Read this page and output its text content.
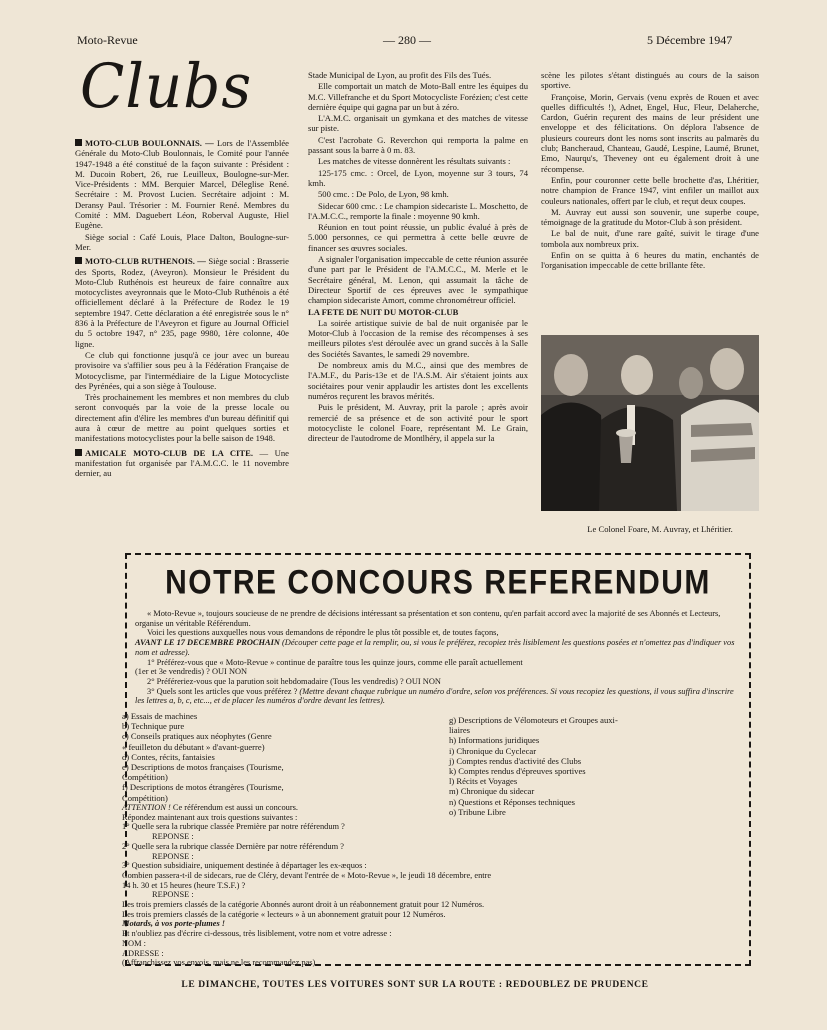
Moto-Revue	— 280 —	5 Décembre 1947
Clubs

MOTO-CLUB BOULONNAIS. — Lors de l'Assemblée Générale du Moto-Club Boulonnais, le Comité pour l'année 1947-1948 a été constitué de la façon suivante : Président : M. Ducoin Robert, 26, rue Leuilleux, Boulogne-sur-Mer. Vice-Présidents : MM. Berquier Marcel, Déleglise René. Secrétaire : M. Provost Lucien. Secrétaire adjoint : M. Deransy Paul. Trésorier : M. Fournier René. Membres du Comité : MM. Daguebert Léon, Roberval Auguste, Hiel Eugène.

Siège social : Café Louis, Place Dalton, Boulogne-sur-Mer.

MOTO-CLUB RUTHENOIS. — Siège social : Brasserie des Sports, Rodez, (Aveyron). Monsieur le Président du Moto-Club Ruthénois est heureux de faire connaître aux motocyclistes aveyronnais que le Moto-Club Ruthénois a été officiellement déclaré à la Préfecture de Rodez le 19 septembre 1947. Cette déclaration a été enregistrée sous le n° 836 à la Préfecture de l'Aveyron et figure au Journal Officiel du 5 octobre 1947, n° 235, page 9980, 1ère colonne, 40e ligne.

Ce club qui fonctionne jusqu'à ce jour avec un bureau provisoire va s'affilier sous peu à la Fédération Française de Motocyclisme, par l'intermédiaire de la Ligue Motocycliste des Pyrénées, qui a son siège à Toulouse.

Très prochainement les membres et non membres du club seront convoqués par la voie de la presse locale ou directement afin d'élire les membres d'un bureau définitif qui aura à cœur de mettre au point quelques sorties et manifestations motocyclistes pour la belle saison de 1948.

AMICALE MOTO-CLUB DE LA CITE. — Une manifestation fut organisée par l'A.M.C.C. le 11 novembre dernier, au

Stade Municipal de Lyon, au profit des Fils des Tués.

Elle comportait un match de Moto-Ball entre les équipes du M.C. Villefranche et du Sport Motocycliste Forézien; c'est cette dernière équipe qui gagna par un but à zéro.

L'A.M.C. organisait un gymkana et des matches de vitesse sur piste.

C'est l'acrobate G. Reverchon qui remporta la palme en passant sous la barre à 0 m. 83.

Les matches de vitesse donnèrent les résultats suivants :

125-175 cmc. : Orcel, de Lyon, moyenne sur 3 tours, 74 kmh.

500 cmc. : De Polo, de Lyon, 98 kmh.

Sidecar 600 cmc. : Le champion sidecariste L. Moschetto, de l'A.M.C.C., remporte la finale : moyenne 90 kmh.

Réunion en tout point réussie, un public évalué à près de 5.000 personnes, ce qui permettra à cette belle œuvre de financer ses œuvres sociales.

A signaler l'organisation impeccable de cette réunion assurée d'une part par le Président de l'A.M.C.C., M. Merle et le Secrétaire général, M. Lenon, qui assumait la tâche de Directeur Sportif de ces épreuves avec le sympathique champion sidecariste Amort, comme chronométreur officiel.

LA FETE DE NUIT DU MOTOR-CLUB

La soirée artistique suivie de bal de nuit organisée par le Motor-Club à l'occasion de la remise des récompenses à ses meilleurs pilotes s'est déroulée avec un grand succès à la Salle des Sociétés Savantes, le samedi 29 novembre.

De nombreux amis du M.C., ainsi que des membres de l'A.M.F., du Paris-13e et de l'A.S.M. Air s'étaient joints aux sociétaires pour venir applaudir les artistes dont les excellents numéros reçurent les bravos mérités.

Puis le président, M. Auvray, prit la parole ; après avoir remercié de sa présence et de son activité pour le sport motocycliste le colonel Foare, représentant M. Le Grain, directeur de l'autodrome de Montlhéry, il appela sur la

scène les pilotes s'étant distingués au cours de la saison sportive.

Françoise, Morin, Gervais (venu exprès de Rouen et avec quelles difficultés !), Adnet, Engel, Huc, Fleur, Delaherche, Cardon, Guérin reçurent des mains de leur président une enveloppe et des félicitations. On déplora l'absence de plusieurs coureurs dont les noms sont inscrits au palmarès du club; Bancheraud, Chanteau, Gaudé, Lespine, Laumé, Brunet, Emo, Naurqu's, Theveney ont eu également droit à une récompense.

Enfin, pour couronner cette belle brochette d'as, Lhéritier, notre champion de France 1947, vint enfiler un maillot aux couleurs nationales, offert par le club, et reçut deux coupes.

M. Auvray eut aussi son souvenir, une superbe coupe, témoignage de la gratitude du Motor-Club à son président.

Le bal de nuit, d'une rare gaîté, suivit le tirage d'une tombola aux nombreux prix.

Enfin on se quitta à 6 heures du matin, enchantés de l'organisation impeccable de cette brillante fête.

Le Colonel Foare, M. Auvray, et Lhéritier.
NOTRE CONCOURS REFERENDUM

« Moto-Revue », toujours soucieuse de ne prendre de décisions intéressant sa présentation et son contenu, qu'en parfait accord avec la majorité de ses Abonnés et Lecteurs, organise un véritable Référendum.

Voici les questions auxquelles nous vous demandons de répondre le plus tôt possible et, de toutes façons,

AVANT LE 17 DECEMBRE PROCHAIN (Découper cette page et la remplir, ou, si vous le préférez, recopiez très lisiblement les questions posées et n'omettez pas d'indiquer vos nom et adresse).

1° Préférez-vous que « Moto-Revue » continue de paraître tous les quinze jours, comme elle paraît actuellement

(1er et 3e vendredis) ? OUI NON

2° Préféreriez-vous que la parution soit hebdomadaire (Tous les vendredis) ? OUI NON

3° Quels sont les articles que vous préférez ? (Mettre devant chaque rubrique un numéro d'ordre, selon vos préférences. Si vous recopiez les questions, il vous suffira d'inscrire les lettres a, b, c, etc..., et de placer les numéros d'ordre devant les lettres).

a) Essais de machines
b) Technique pure
c) Conseils pratiques aux néophytes (Genre
« feuilleton du débutant » d'avant-guerre)
d) Contes, récits, fantaisies
e) Descriptions de motos françaises (Tourisme,
Compétition)
f) Descriptions de motos étrangères (Tourisme,
Compétition)
g) Descriptions de Vélomoteurs et Groupes auxi-
liaires
h) Informations juridiques
i) Chronique du Cyclecar
j) Comptes rendus d'activité des Clubs
k) Comptes rendus d'épreuves sportives
l) Récits et Voyages
m) Chronique du sidecar
n) Questions et Réponses techniques
o) Tribune Libre

ATTENTION ! Ce référendum est aussi un concours.

Répondez maintenant aux trois questions suivantes :

1° Quelle sera la rubrique classée Première par notre référendum ?

REPONSE :

2° Quelle sera la rubrique classée Dernière par notre référendum ?

REPONSE :

3° Question subsidiaire, uniquement destinée à départager les ex-æquos :

Combien passera-t-il de sidecars, rue de Cléry, devant l'entrée de « Moto-Revue », le jeudi 18 décembre, entre

14 h. 30 et 15 heures (heure T.S.F.) ?

REPONSE :

Les trois premiers classés de la catégorie Abonnés auront droit à un réabonnement gratuit pour 12 Numéros.

Les trois premiers classés de la catégorie « lecteurs » à un abonnement gratuit pour 12 Numéros.

Motards, à vos porte-plumes !

Et n'oubliez pas d'écrire ci-dessous, très lisiblement, votre nom et votre adresse :

NOM :

ADRESSE :

(Affranchissez vos envois, mais ne les recommandez pas).

LE DIMANCHE, TOUTES LES VOITURES SONT SUR LA ROUTE : REDOUBLEZ DE PRUDENCE
